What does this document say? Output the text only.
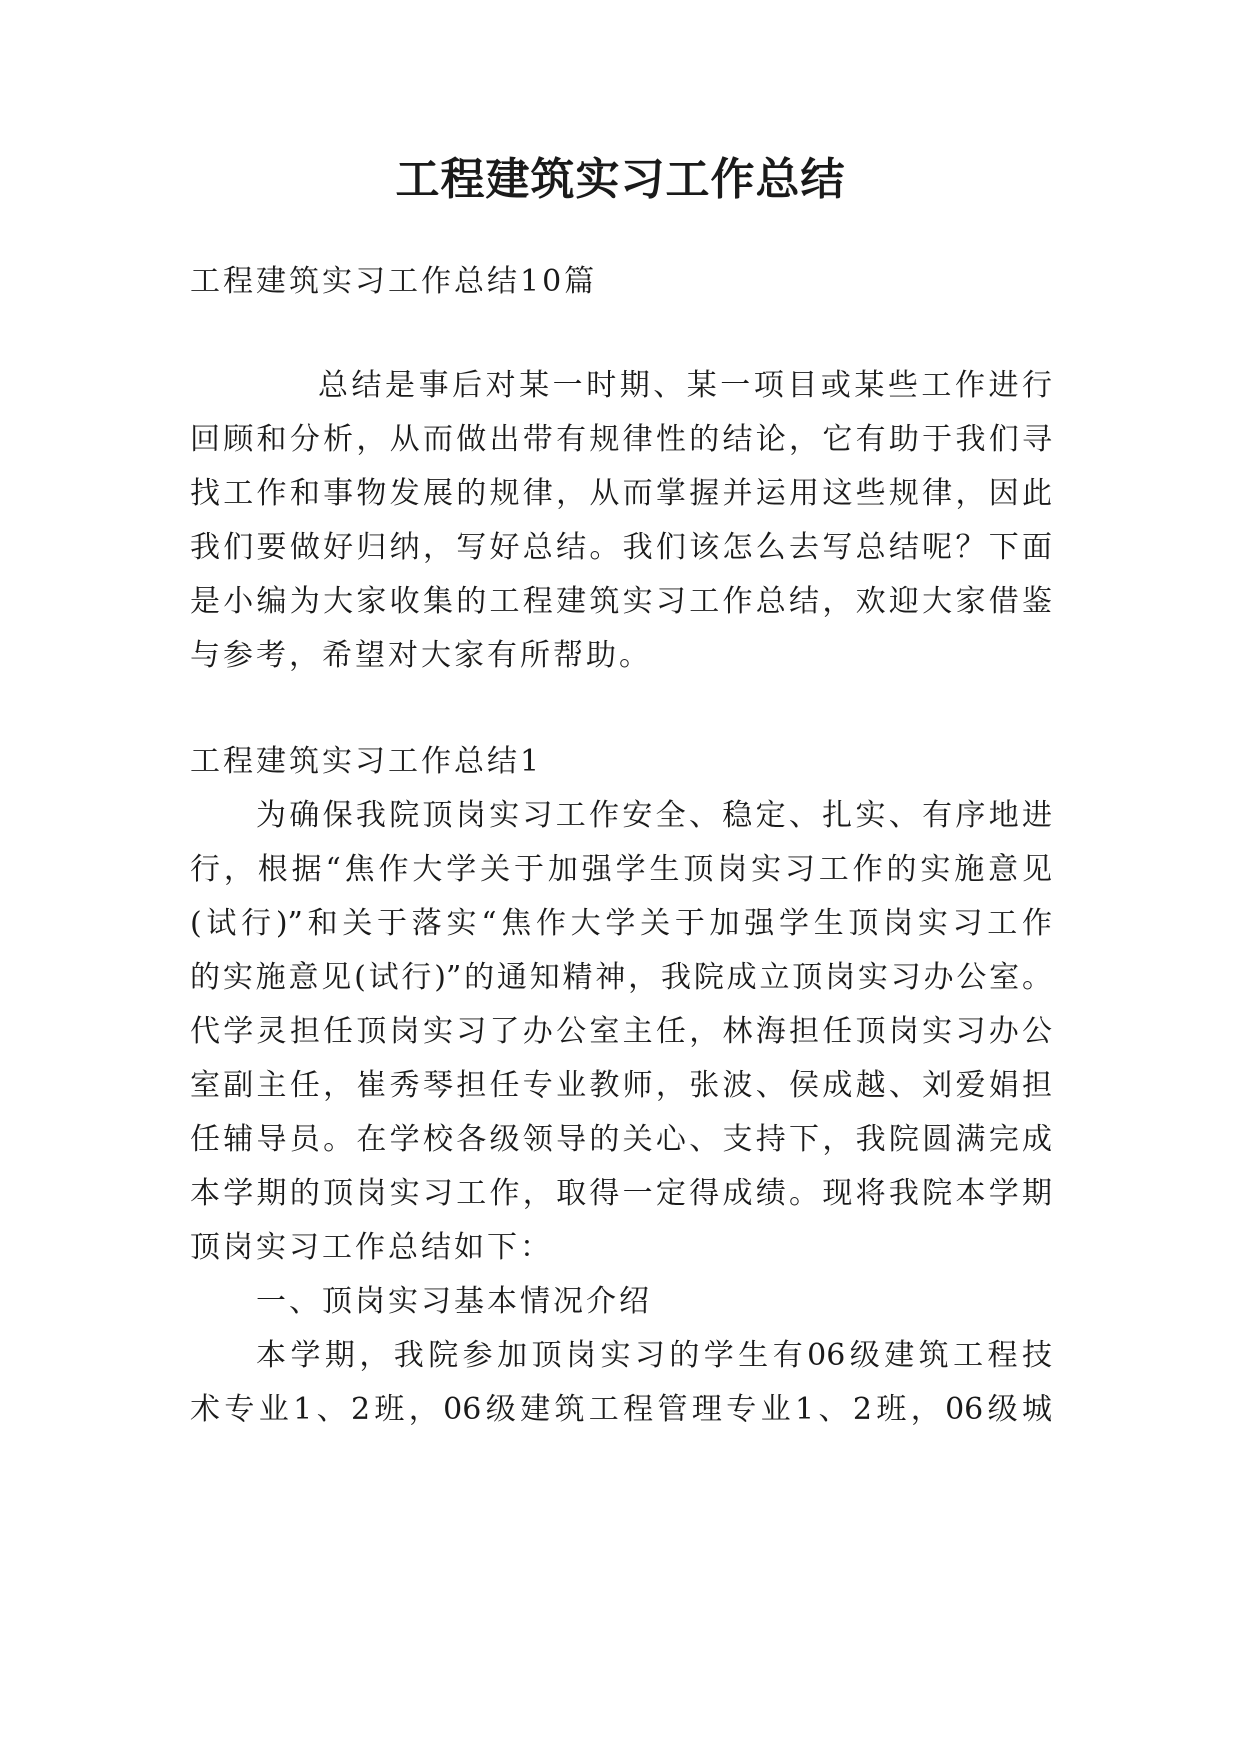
工程建筑实习工作总结

工程建筑实习工作总结10篇

总结是事后对某一时期、某一项目或某些工作进行

回顾和分析，从而做出带有规律性的结论，它有助于我们寻

找工作和事物发展的规律，从而掌握并运用这些规律，因此

我们要做好归纳，写好总结。我们该怎么去写总结呢？下面

是小编为大家收集的工程建筑实习工作总结，欢迎大家借鉴

与参考，希望对大家有所帮助。

工程建筑实习工作总结1

为确保我院顶岗实习工作安全、稳定、扎实、有序地进

行，根据“焦作大学关于加强学生顶岗实习工作的实施意见

(试行)”和关于落实“焦作大学关于加强学生顶岗实习工作

的实施意见(试行)”的通知精神，我院成立顶岗实习办公室。

代学灵担任顶岗实习了办公室主任，林海担任顶岗实习办公

室副主任，崔秀琴担任专业教师，张波、侯成越、刘爱娟担

任辅导员。在学校各级领导的关心、支持下，我院圆满完成

本学期的顶岗实习工作，取得一定得成绩。现将我院本学期

顶岗实习工作总结如下：

一、顶岗实习基本情况介绍

本学期，我院参加顶岗实习的学生有06级建筑工程技

术专业1、2班，06级建筑工程管理专业1、2班，06级城
